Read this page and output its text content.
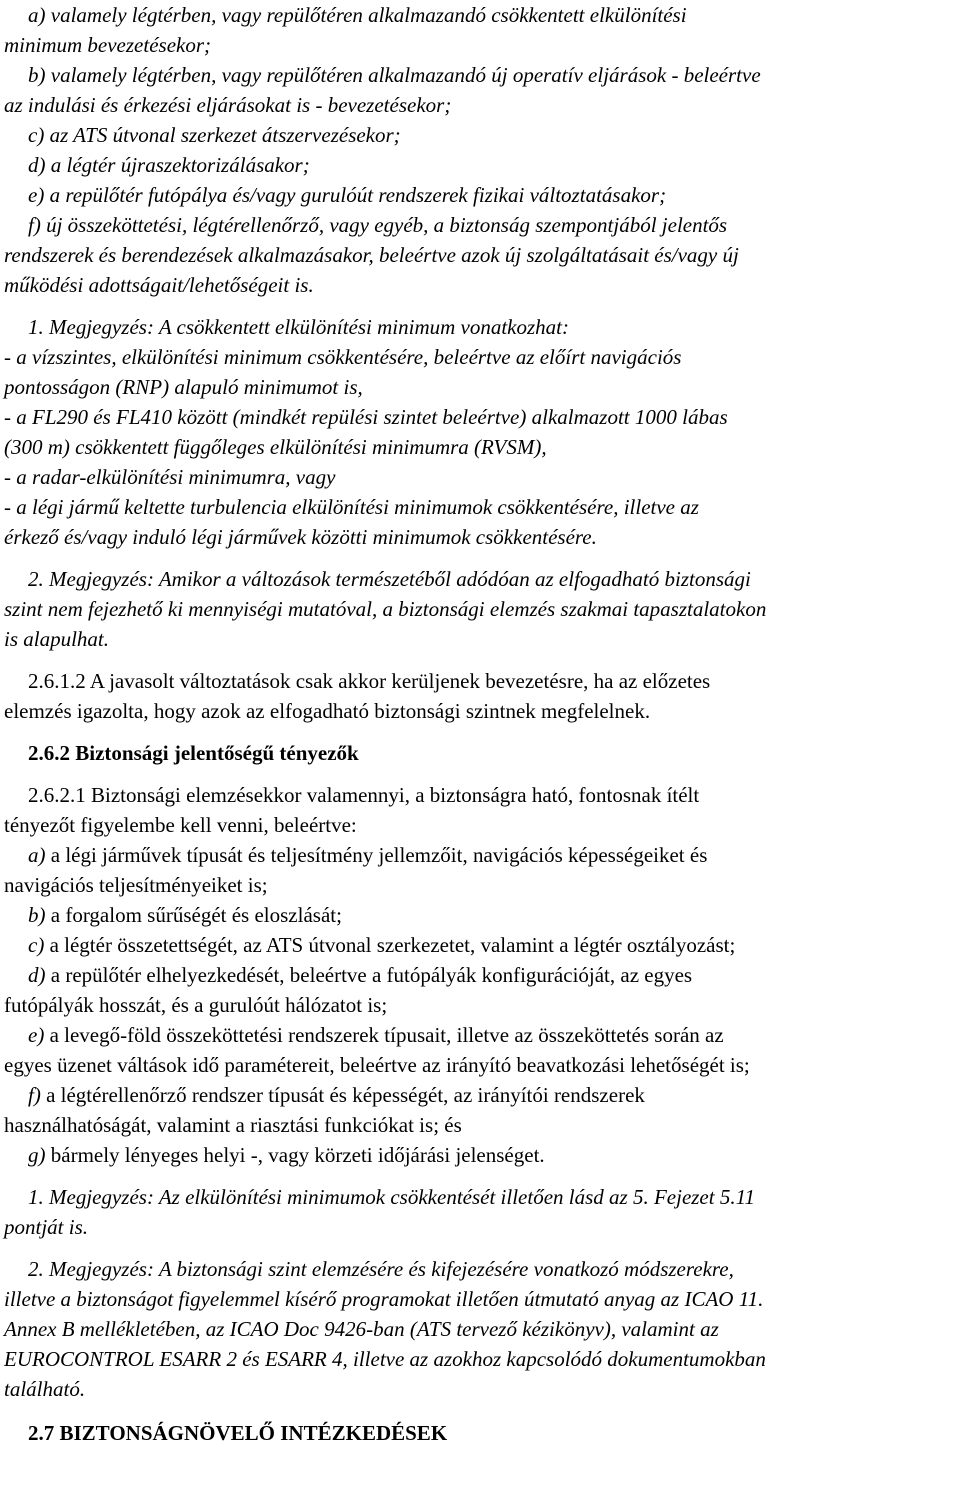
a) valamely légtérben, vagy repülőtéren alkalmazandó csökkentett elkülönítési
minimum bevezetésekor;
b) valamely légtérben, vagy repülőtéren alkalmazandó új operatív eljárások - beleértve
az indulási és érkezési eljárásokat is - bevezetésekor;
c) az ATS útvonal szerkezet átszervezésekor;
d) a légtér újraszektorizálásakor;
e) a repülőtér futópálya és/vagy gurulóút rendszerek fizikai változtatásakor;
f) új összeköttetési, légtérellenőrző, vagy egyéb, a biztonság szempontjából jelentős
rendszerek és berendezések alkalmazásakor, beleértve azok új szolgáltatásait és/vagy új
működési adottságait/lehetőségeit is.
1. Megjegyzés: A csökkentett elkülönítési minimum vonatkozhat:
- a vízszintes, elkülönítési minimum csökkentésére, beleértve az előírt navigációs
pontosságon (RNP) alapuló minimumot is,
- a FL290 és FL410 között (mindkét repülési szintet beleértve) alkalmazott 1000 lábas
(300 m) csökkentett függőleges elkülönítési minimumra (RVSM),
- a radar-elkülönítési minimumra, vagy
- a légi jármű keltette turbulencia elkülönítési minimumok csökkentésére, illetve az
érkező és/vagy induló légi járművek közötti minimumok csökkentésére.
2. Megjegyzés: Amikor a változások természetéből adódóan az elfogadható biztonsági
szint nem fejezhető ki mennyiségi mutatóval, a biztonsági elemzés szakmai tapasztalatokon
is alapulhat.
2.6.1.2 A javasolt változtatások csak akkor kerüljenek bevezetésre, ha az előzetes
elemzés igazolta, hogy azok az elfogadható biztonsági szintnek megfelelnek.
2.6.2 Biztonsági jelentőségű tényezők
2.6.2.1 Biztonsági elemzésekkor valamennyi, a biztonságra ható, fontosnak ítélt
tényezőt figyelembe kell venni, beleértve:
a) a légi járművek típusát és teljesítmény jellemzőit, navigációs képességeiket és
navigációs teljesítményeiket is;
b) a forgalom sűrűségét és eloszlását;
c) a légtér összetettségét, az ATS útvonal szerkezetet, valamint a légtér osztályozást;
d) a repülőtér elhelyezkedését, beleértve a futópályák konfigurációját, az egyes
futópályák hosszát, és a gurulóút hálózatot is;
e) a levegő-föld összeköttetési rendszerek típusait, illetve az összeköttetés során az
egyes üzenet váltások idő paramétereit, beleértve az irányító beavatkozási lehetőségét is;
f) a légtérellenőrző rendszer típusát és képességét, az irányítói rendszerek
használhatóságát, valamint a riasztási funkciókat is; és
g) bármely lényeges helyi -, vagy körzeti időjárási jelenséget.
1. Megjegyzés: Az elkülönítési minimumok csökkentését illetően lásd az 5. Fejezet 5.11
pontját is.
2. Megjegyzés: A biztonsági szint elemzésére és kifejezésére vonatkozó módszerekre,
illetve a biztonságot figyelemmel kísérő programokat illetően útmutató anyag az ICAO 11.
Annex B mellékletében, az ICAO Doc 9426-ban (ATS tervező kézikönyv), valamint az
EUROCONTROL ESARR 2 és ESARR 4, illetve az azokhoz kapcsolódó dokumentumokban
található.
2.7 BIZTONSÁGNÖVELŐ INTÉZKEDÉSEK
